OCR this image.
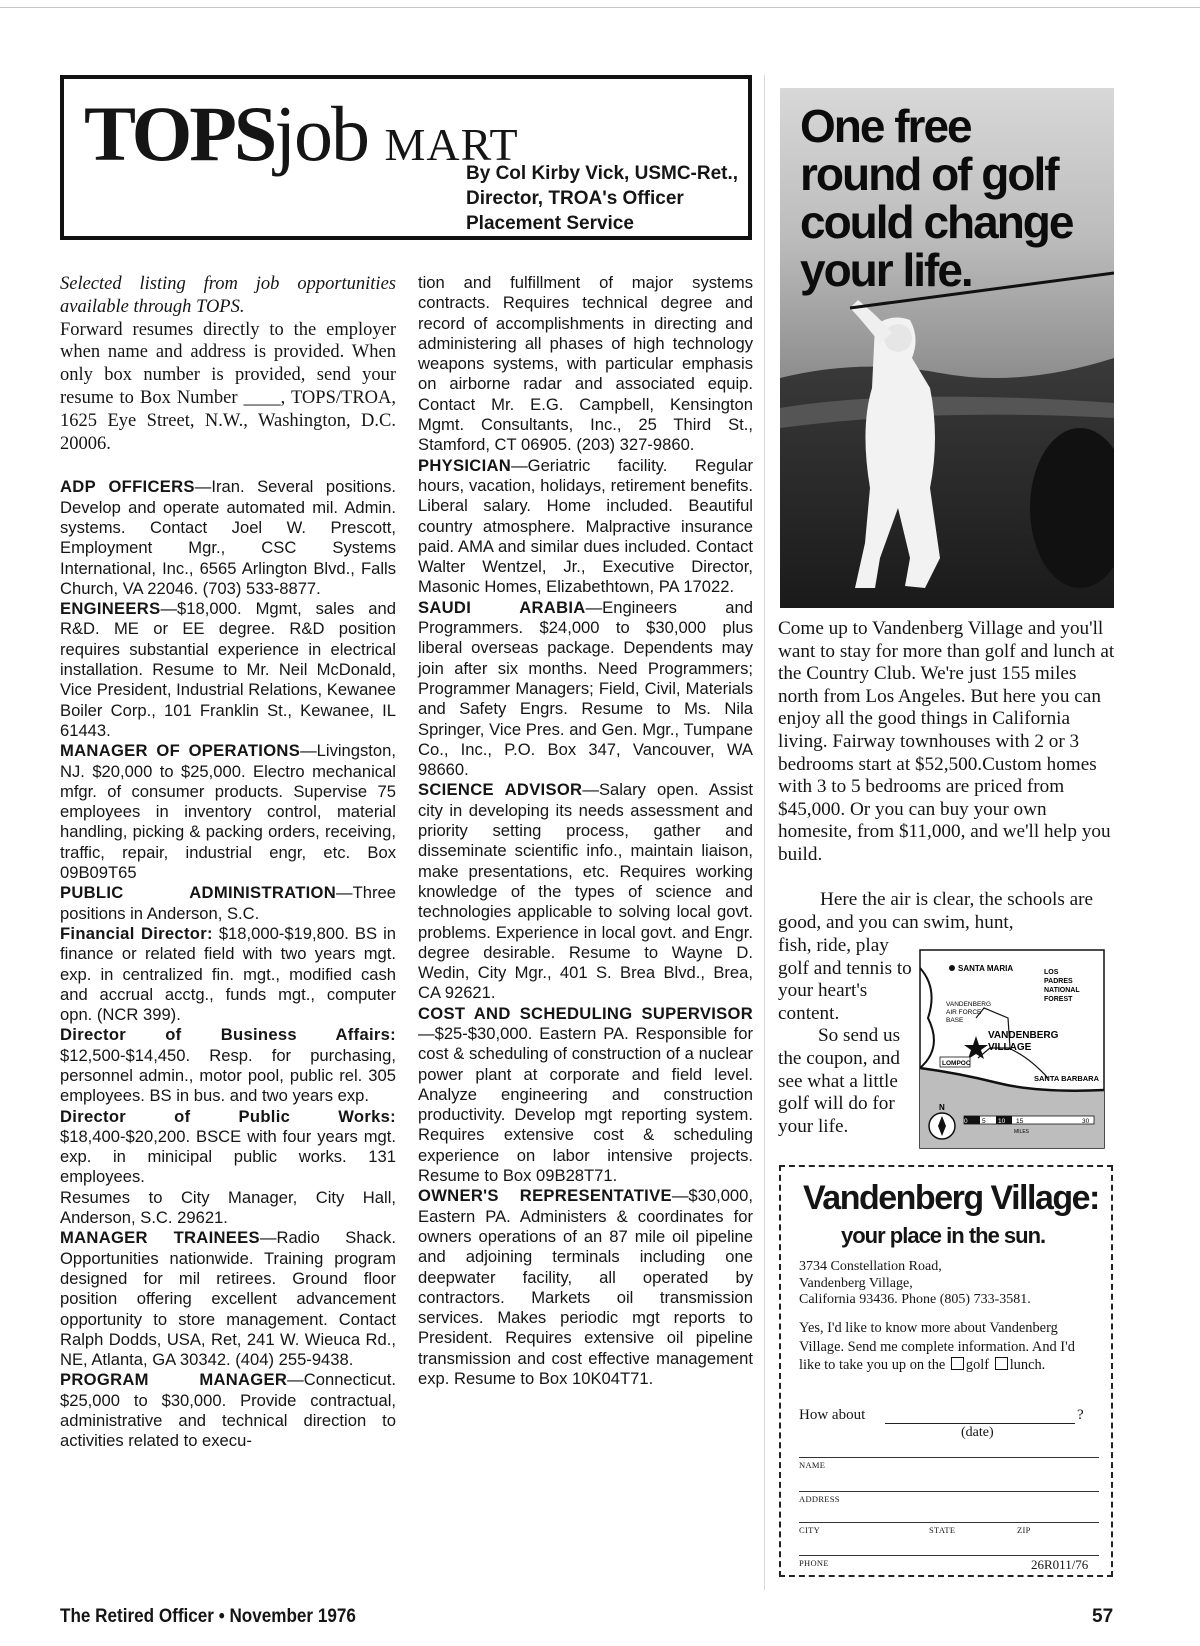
TOPSjob MART
By Col Kirby Vick, USMC-Ret.,
Director, TROA's Officer
Placement Service
Selected listing from job opportunities available through TOPS.
Forward resumes directly to the employer when name and address is provided. When only box number is provided, send your resume to Box Number ____, TOPS/TROA, 1625 Eye Street, N.W., Washington, D.C. 20006.

ADP OFFICERS—Iran. Several positions. Develop and operate automated mil. Admin. systems. Contact Joel W. Prescott, Employment Mgr., CSC Systems International, Inc., 6565 Arlington Blvd., Falls Church, VA 22046. (703) 533-8877.

ENGINEERS—$18,000. Mgmt, sales and R&D. ME or EE degree. R&D position requires substantial experience in electrical installation. Resume to Mr. Neil McDonald, Vice President, Industrial Relations, Kewanee Boiler Corp., 101 Franklin St., Kewanee, IL 61443.

MANAGER OF OPERATIONS—Livingston, NJ. $20,000 to $25,000. Electro mechanical mfgr. of consumer products. Supervise 75 employees in inventory control, material handling, picking & packing orders, receiving, traffic, repair, industrial engr, etc. Box 09B09T65

PUBLIC ADMINISTRATION—Three positions in Anderson, S.C.

Financial Director: $18,000-$19,800. BS in finance or related field with two years mgt. exp. in centralized fin. mgt., modified cash and accrual acctg., funds mgt., computer opn. (NCR 399).

Director of Business Affairs: $12,500-$14,450. Resp. for purchasing, personnel admin., motor pool, public rel. 305 employees. BS in bus. and two years exp.

Director of Public Works: $18,400-$20,200. BSCE with four years mgt. exp. in minicipal public works. 131 employees.

Resumes to City Manager, City Hall, Anderson, S.C. 29621.

MANAGER TRAINEES—Radio Shack. Opportunities nationwide. Training program designed for mil retirees. Ground floor position offering excellent advancement opportunity to store management. Contact Ralph Dodds, USA, Ret, 241 W. Wieuca Rd., NE, Atlanta, GA 30342. (404) 255-9438.

PROGRAM MANAGER—Connecticut. $25,000 to $30,000. Provide contractual, administrative and technical direction to activities related to execu-

tion and fulfillment of major systems contracts. Requires technical degree and record of accomplishments in directing and administering all phases of high technology weapons systems, with particular emphasis on airborne radar and associated equip. Contact Mr. E.G. Campbell, Kensington Mgmt. Consultants, Inc., 25 Third St., Stamford, CT 06905. (203) 327-9860.

PHYSICIAN—Geriatric facility. Regular hours, vacation, holidays, retirement benefits. Liberal salary. Home included. Beautiful country atmosphere. Malpractive insurance paid. AMA and similar dues included. Contact Walter Wentzel, Jr., Executive Director, Masonic Homes, Elizabethtown, PA 17022.

SAUDI ARABIA—Engineers and Programmers. $24,000 to $30,000 plus liberal overseas package. Dependents may join after six months. Need Programmers; Programmer Managers; Field, Civil, Materials and Safety Engrs. Resume to Ms. Nila Springer, Vice Pres. and Gen. Mgr., Tumpane Co., Inc., P.O. Box 347, Vancouver, WA 98660.

SCIENCE ADVISOR—Salary open. Assist city in developing its needs assessment and priority setting process, gather and disseminate scientific info., maintain liaison, make presentations, etc. Requires working knowledge of the types of science and technologies applicable to solving local govt. problems. Experience in local govt. and Engr. degree desirable. Resume to Wayne D. Wedin, City Mgr., 401 S. Brea Blvd., Brea, CA 92621.

COST AND SCHEDULING SUPERVISOR—$25-$30,000. Eastern PA. Responsible for cost & scheduling of construction of a nuclear power plant at corporate and field level. Analyze engineering and construction productivity. Develop mgt reporting system. Requires extensive cost & scheduling experience on labor intensive projects. Resume to Box 09B28T71.

OWNER'S REPRESENTATIVE—$30,000, Eastern PA. Administers & coordinates for owners operations of an 87 mile oil pipeline and adjoining terminals including one deepwater facility, all operated by contractors. Markets oil transmission services. Makes periodic mgt reports to President. Requires extensive oil pipeline transmission and cost effective management exp. Resume to Box 10K04T71.

One free
round of golf
could change
your life.
Come up to Vandenberg Village and you'll want to stay for more than golf and lunch at the Country Club. We're just 155 miles north from Los Angeles. But here you can enjoy all the good things in California living. Fairway townhouses with 2 or 3 bedrooms start at $52,500.Custom homes with 3 to 5 bedrooms are priced from $45,000. Or you can buy your own homesite, from $11,000, and we'll help you build.
Here the air is clear, the schools are good, and you can swim, hunt,

fish, ride, play golf and tennis to your heart's content.

So send us the coupon, and see what a little golf will do for your life.

SANTA MARIA	LOS
PADRES
NATIONAL
FOREST
VANDENBERG
AIR FORCE
BASE
VANDENBERG
VILLAGE
LOMPOC
SANTA BARBARA
N
0 5 10 15	30
MILES
Vandenberg Village:
your place in the sun.
3734 Constellation Road,
Vandenberg Village,
California 93436. Phone (805) 733-3581.
Yes, I'd like to know more about Vandenberg Village. Send me complete information. And I'd like to take you up on the golf lunch.
How about	?
(date)
NAME
ADDRESS
CITY	STATE	ZIP
PHONE	26R011/76
The Retired Officer • November 1976	57
